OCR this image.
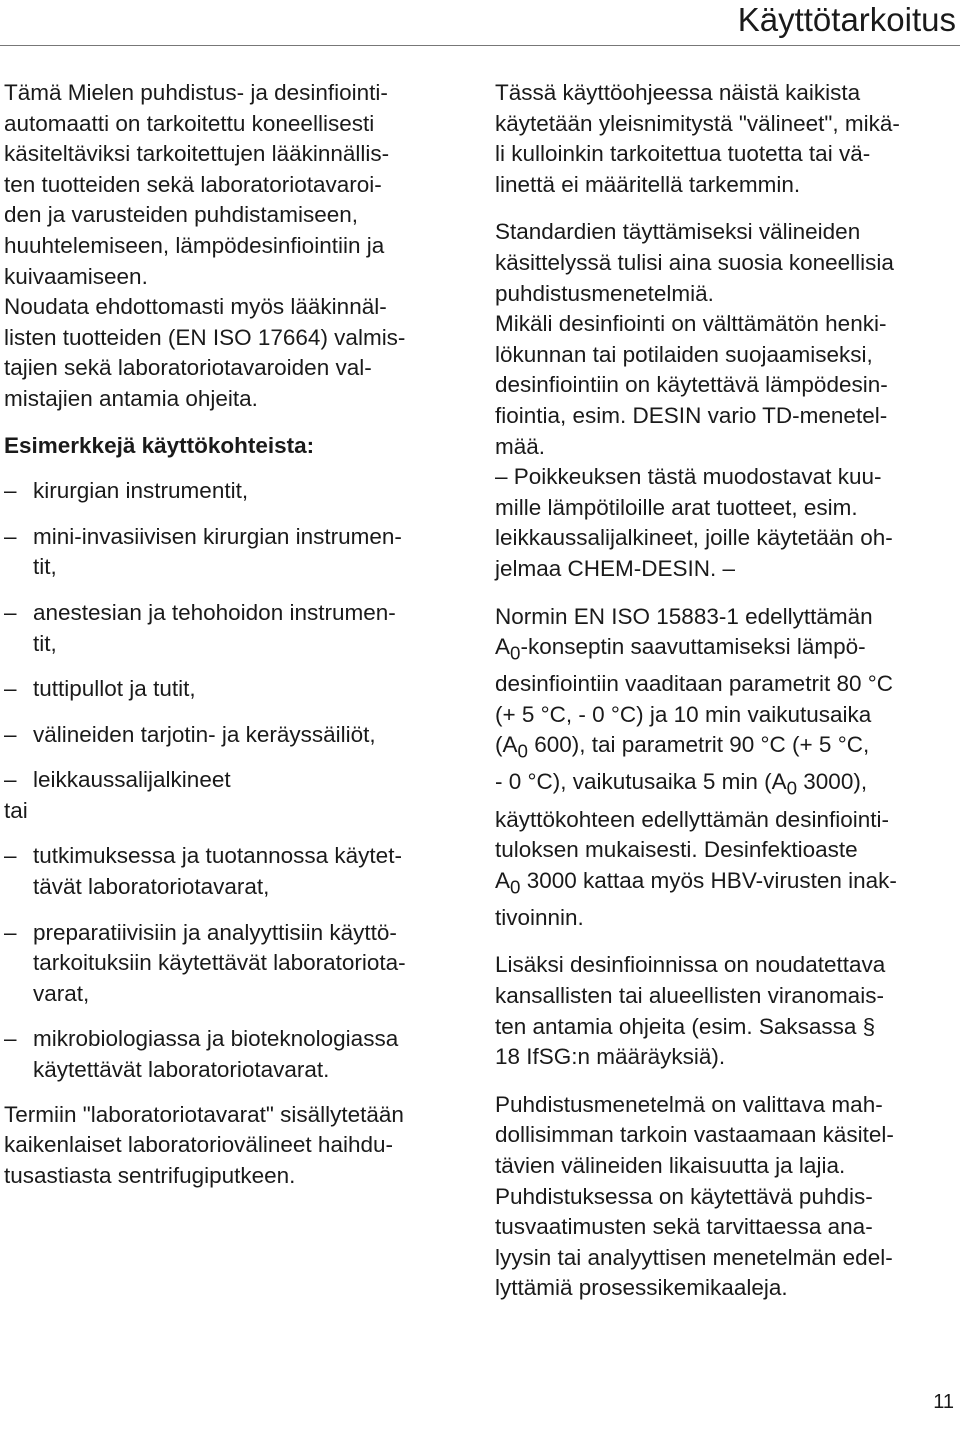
Käyttötarkoitus

Tämä Mielen puhdistus- ja desinfiointi-
automaatti on tarkoitettu koneellisesti
käsiteltäviksi tarkoitettujen lääkinnällis-
ten tuotteiden sekä laboratoriotavaroi-
den ja varusteiden puhdistamiseen,
huuhtelemiseen, lämpödesinfiointiin ja
kuivaamiseen.

Noudata ehdottomasti myös lääkinnäl-
listen tuotteiden (EN ISO 17664) valmis-
tajien sekä laboratoriotavaroiden val-
mistajien antamia ohjeita.

Esimerkkejä käyttökohteista:
– kirurgian instrumentit,
– mini-invasiivisen kirurgian instrumen-
tit,
– anestesian ja tehohoidon instrumen-
tit,
– tuttipullot ja tutit,
– välineiden tarjotin- ja keräyssäiliöt,
– leikkaussalijalkineet

tai

– tutkimuksessa ja tuotannossa käytet-
tävät laboratoriotavarat,
– preparatiivisiin ja analyyttisiin käyttö-
tarkoituksiin käytettävät laboratoriota-
varat,
– mikrobiologiassa ja bioteknologiassa
käytettävät laboratoriotavarat.

Termiin "laboratoriotavarat" sisällytetään
kaikenlaiset laboratoriovälineet haihdu-
tusastiasta sentrifugiputkeen.

Tässä käyttöohjeessa näistä kaikista
käytetään yleisnimitystä "välineet", mikä-
li kulloinkin tarkoitettua tuotetta tai vä-
linettä ei määritellä tarkemmin.

Standardien täyttämiseksi välineiden
käsittelyssä tulisi aina suosia koneellisia
puhdistusmenetelmiä.

Mikäli desinfiointi on välttämätön henki-
lökunnan tai potilaiden suojaamiseksi,
desinfiointiin on käytettävä lämpödesin-
fiointia, esim. DESIN vario TD-menetel-
mää.

– Poikkeuksen tästä muodostavat kuu-
mille lämpötiloille arat tuotteet, esim.
leikkaussalijalkineet, joille käytetään oh-
jelmaa CHEM-DESIN. –

Normin EN ISO 15883-1 edellyttämän
$A_0$-konseptin saavuttamiseksi lämpö-
desinfiointiin vaaditaan parametrit 80 °C
(+ 5 °C, - 0 °C) ja 10 min vaikutusaika
($A_0$ 600), tai parametrit 90 °C (+ 5 °C,
- 0 °C), vaikutusaika 5 $\min (A_0$ 3000),
käyttökohteen edellyttämän desinfiointi-
tuloksen mukaisesti. Desinfektioaste
$A_0$ 3000 kattaa myös HBV-virusten inak-
tivoinnin.

Lisäksi desinfioinnissa on noudatettava
kansallisten tai alueellisten viranomais-
ten antamia ohjeita (esim. Saksassa §
18 IfSG:n määräyksiä).

Puhdistusmenetelmä on valittava mah-
dollisimman tarkoin vastaamaan käsitel-
tävien välineiden likaisuutta ja lajia.

Puhdistuksessa on käytettävä puhdis-
tusvaatimusten sekä tarvittaessa ana-
lyysin tai analyyttisen menetelmän edel-
lyttämiä prosessikemikaaleja.

11
